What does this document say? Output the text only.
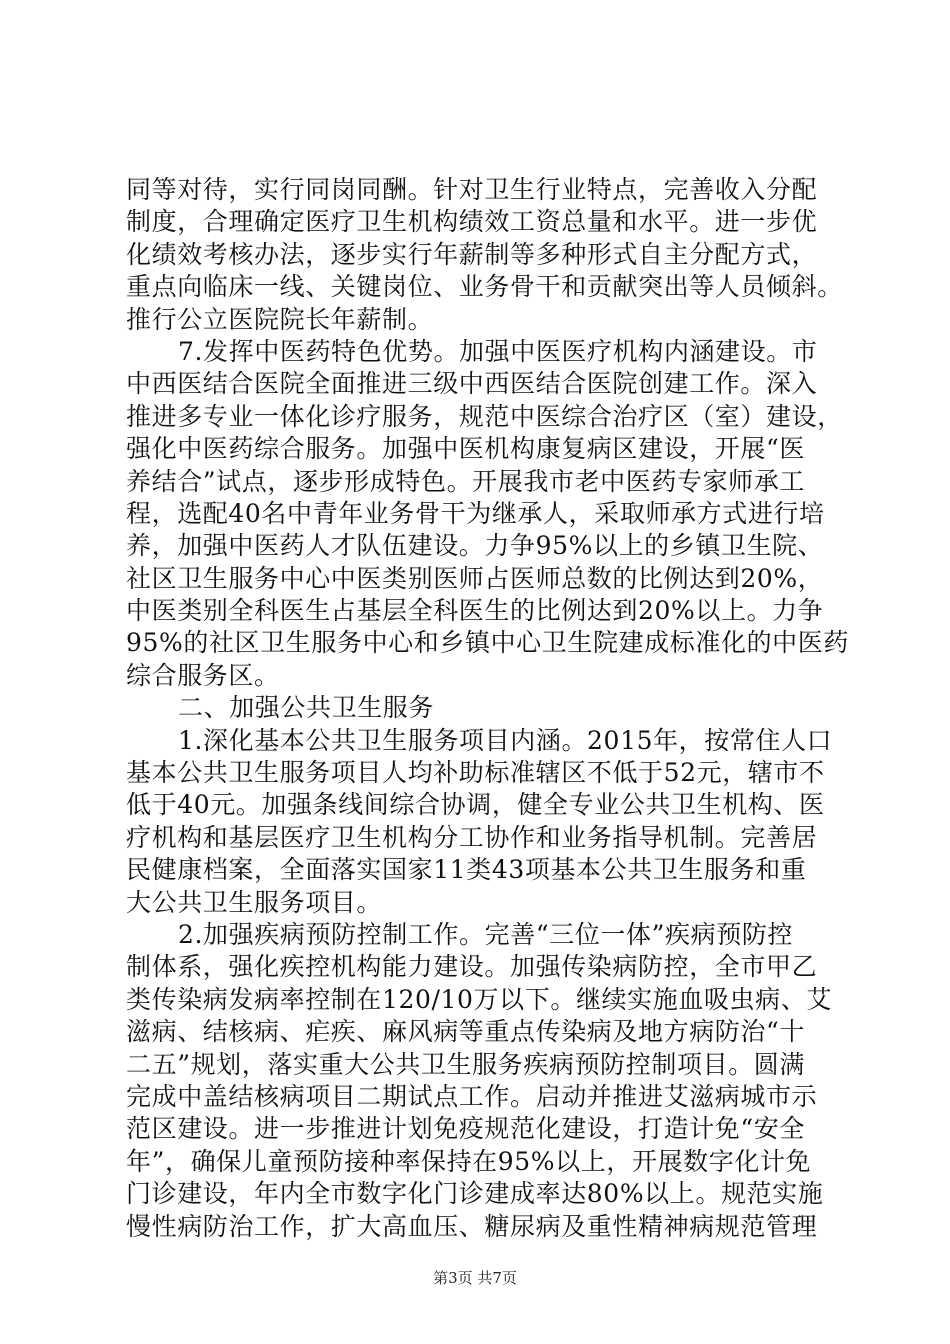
同等对待，实行同岗同酬。针对卫生行业特点，完善收入分配
制度，合理确定医疗卫生机构绩效工资总量和水平。进一步优
化绩效考核办法，逐步实行年薪制等多种形式自主分配方式，
重点向临床一线、关键岗位、业务骨干和贡献突出等人员倾斜。
推行公立医院院长年薪制。
7.发挥中医药特色优势。加强中医医疗机构内涵建设。市
中西医结合医院全面推进三级中西医结合医院创建工作。深入
推进多专业一体化诊疗服务，规范中医综合治疗区（室）建设，
强化中医药综合服务。加强中医机构康复病区建设，开展“医
养结合”试点，逐步形成特色。开展我市老中医药专家师承工
程，选配40名中青年业务骨干为继承人，采取师承方式进行培
养，加强中医药人才队伍建设。力争95%以上的乡镇卫生院、
社区卫生服务中心中医类别医师占医师总数的比例达到20%，
中医类别全科医生占基层全科医生的比例达到20%以上。力争
95%的社区卫生服务中心和乡镇中心卫生院建成标准化的中医药
综合服务区。
二、加强公共卫生服务
1.深化基本公共卫生服务项目内涵。2015年，按常住人口
基本公共卫生服务项目人均补助标准辖区不低于52元，辖市不
低于40元。加强条线间综合协调，健全专业公共卫生机构、医
疗机构和基层医疗卫生机构分工协作和业务指导机制。完善居
民健康档案，全面落实国家11类43项基本公共卫生服务和重
大公共卫生服务项目。
2.加强疾病预防控制工作。完善“三位一体”疾病预防控
制体系，强化疾控机构能力建设。加强传染病防控，全市甲乙
类传染病发病率控制在120/10万以下。继续实施血吸虫病、艾
滋病、结核病、疟疾、麻风病等重点传染病及地方病防治“十
二五”规划，落实重大公共卫生服务疾病预防控制项目。圆满
完成中盖结核病项目二期试点工作。启动并推进艾滋病城市示
范区建设。进一步推进计划免疫规范化建设，打造计免“安全
年”，确保儿童预防接种率保持在95%以上，开展数字化计免
门诊建设，年内全市数字化门诊建成率达80%以上。规范实施
慢性病防治工作，扩大高血压、糖尿病及重性精神病规范管理
第3页 共7页
